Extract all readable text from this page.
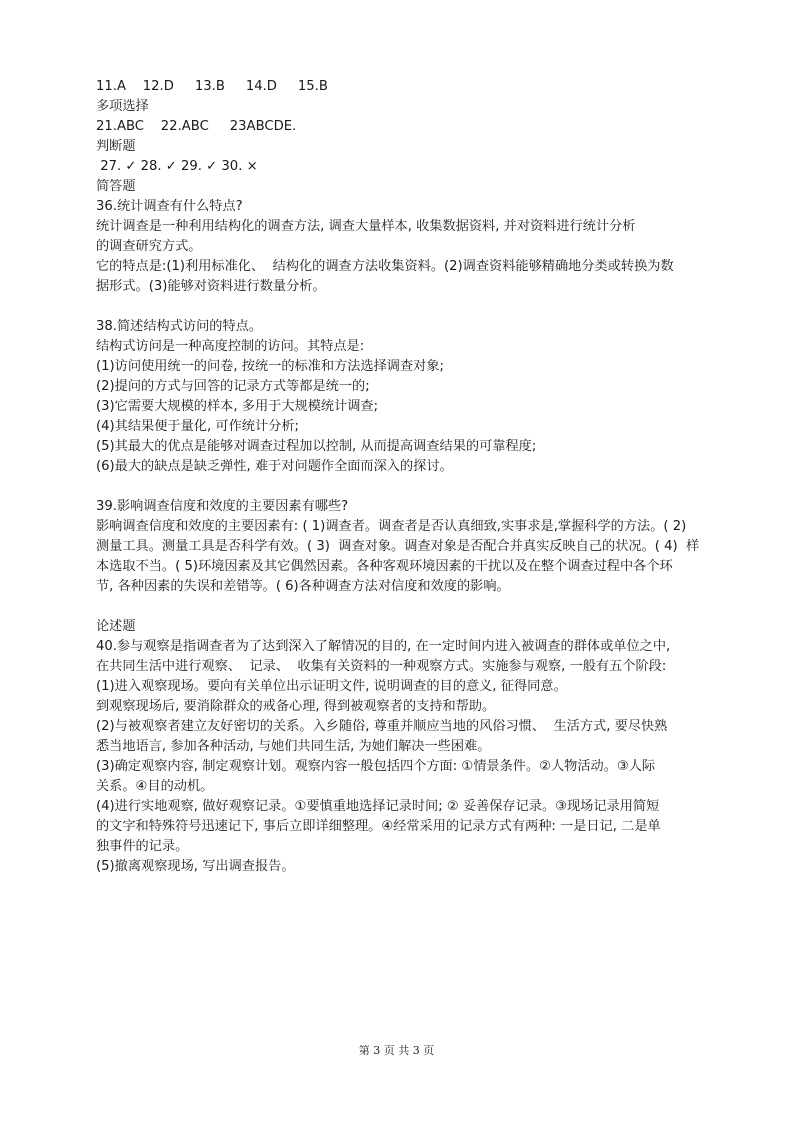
11.A    12.D     13.B     14.D     15.B

多项选择

21.ABC    22.ABC     23ABCDE.

判断题

27. ✓ 28. ✓ 29. ✓ 30. ×

简答题

36.统计调查有什么特点?

统计调查是一种利用结构化的调查方法, 调查大量样本, 收集数据资料, 并对资料进行统计分析

的调查研究方式。

它的特点是:(1)利用标准化、  结构化的调查方法收集资料。(2)调查资料能够精确地分类或转换为数

据形式。(3)能够对资料进行数量分析。

38.简述结构式访问的特点。

结构式访问是一种高度控制的访问。其特点是:

(1)访问使用统一的问卷, 按统一的标准和方法选择调查对象;

(2)提问的方式与回答的记录方式等都是统一的;

(3)它需要大规模的样本, 多用于大规模统计调查;

(4)其结果便于量化, 可作统计分析;

(5)其最大的优点是能够对调查过程加以控制, 从而提高调查结果的可靠程度;

(6)最大的缺点是缺乏弹性, 难于对问题作全面而深入的探讨。

39.影响调查信度和效度的主要因素有哪些?

影响调查信度和效度的主要因素有: ( 1)调查者。调查者是否认真细致,实事求是,掌握科学的方法。( 2)

测量工具。测量工具是否科学有效。( 3)  调查对象。调查对象是否配合并真实反映自己的状况。( 4)  样

本选取不当。( 5)环境因素及其它偶然因素。各种客观环境因素的干扰以及在整个调查过程中各个环

节, 各种因素的失误和差错等。( 6)各种调查方法对信度和效度的影响。

论述题

40.参与观察是指调查者为了达到深入了解情况的目的, 在一定时间内进入被调查的群体或单位之中,

在共同生活中进行观察、  记录、  收集有关资料的一种观察方式。实施参与观察, 一般有五个阶段:

(1)进入观察现场。要向有关单位出示证明文件, 说明调查的目的意义, 征得同意。

到观察现场后, 要消除群众的戒备心理, 得到被观察者的支持和帮助。

(2)与被观察者建立友好密切的关系。入乡随俗, 尊重并顺应当地的风俗习惯、  生活方式, 要尽快熟

悉当地语言, 参加各种活动, 与她们共同生活, 为她们解决一些困难。

(3)确定观察内容, 制定观察计划。观察内容一般包括四个方面: ①情景条件。②人物活动。③人际

关系。④目的动机。

(4)进行实地观察, 做好观察记录。①要慎重地选择记录时间; ② 妥善保存记录。③现场记录用简短

的文字和特殊符号迅速记下, 事后立即详细整理。④经常采用的记录方式有两种: 一是日记, 二是单

独事件的记录。

(5)撤离观察现场, 写出调查报告。

第 3 页 共 3 页
